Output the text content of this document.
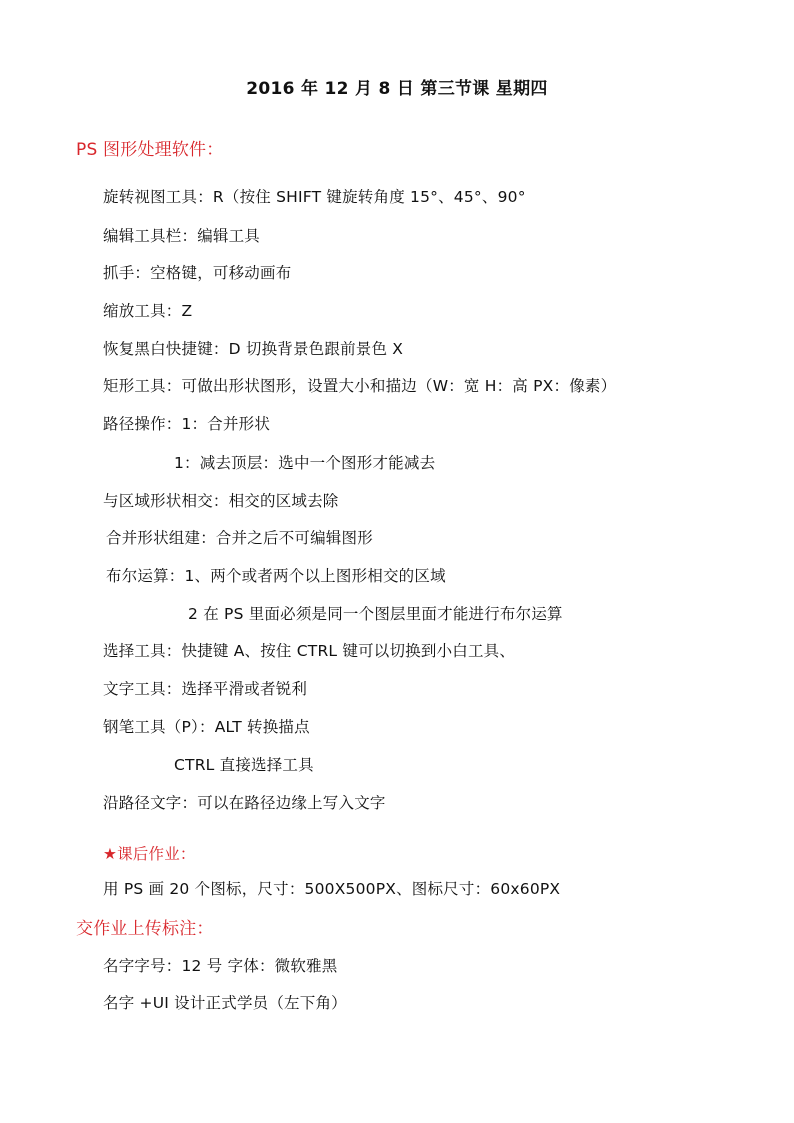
2016 年 12 月 8 日 第三节课 星期四
PS 图形处理软件：
旋转视图工具：R（按住 SHIFT 键旋转角度 15°、45°、90°
编辑工具栏：编辑工具
抓手：空格键，可移动画布
缩放工具：Z
恢复黑白快捷键：D 切换背景色跟前景色 X
矩形工具：可做出形状图形，设置大小和描边（W：宽 H：高 PX：像素）
路径操作：1：合并形状
1：减去顶层：选中一个图形才能减去
与区域形状相交：相交的区域去除
合并形状组建：合并之后不可编辑图形
布尔运算：1、两个或者两个以上图形相交的区域
2 在 PS 里面必须是同一个图层里面才能进行布尔运算
选择工具：快捷键 A、按住 CTRL 键可以切换到小白工具、
文字工具：选择平滑或者锐利
钢笔工具（P）：ALT 转换描点
CTRL 直接选择工具
沿路径文字：可以在路径边缘上写入文字
★课后作业：
用 PS 画 20 个图标，尺寸：500X500PX、图标尺寸：60x60PX
交作业上传标注：
名字字号：12 号 字体：微软雅黑
名字 +UI 设计正式学员（左下角）
